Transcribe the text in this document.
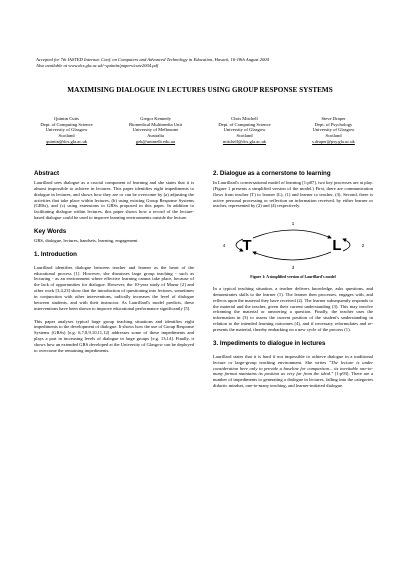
Accepted for 7th IASTED Internat. Conf. on Computers and Advanced Technology in Education, Hawaii, 16-18th August 2004

Also available at www.dcs.gla.ac.uk/~quintin/papers/cate2004.pdf

MAXIMISING DIALOGUE IN LECTURES USING GROUP RESPONSE SYSTEMS
Quintin Cutts
Dept. of Computing Science
University of Glasgow
Scotland
quintin@dcs.gla.ac.uk
Gregor Kennedy
Biomedical Multimedia Unit
University of Melbourne
Australia
gek@unimelb.edu.au
Chris Mitchell
Dept. of Computing Science
University of Glasgow
Scotland
mitchell@dcs.gla.ac.uk
Steve Draper
Dept. of Psychology
University of Glasgow
Scotland
s.draper@psy.gla.ac.uk
Abstract

Laurillard sees dialogue as a crucial component of learning and she states that it is almost impossible to achieve in lectures. This paper identifies eight impediments to dialogue in lectures, and shows how they are or can be overcome by (a) adjusting the activities that take place within lectures, (b) using existing Group Response Systems (GRSs), and (c) using extensions to GRSs proposed in this paper. In addition to facilitating dialogue within lectures, this paper shows how a record of the lecture-based dialogue could be used to improve learning environments outside the lecture.

Key Words

GRS, dialogue, lectures, handsets, learning, engagement

1. Introduction

Laurillard identifies dialogue between teacher and learner as the heart of the educational process [1]. However, she dismisses large group teaching - such as lecturing - as an environment where effective learning cannot take place, because of the lack of opportunities for dialogue. However, the 10-year study of Mazur [2] and other work [3,4,23] show that the introduction of questioning into lectures, sometimes in conjunction with other interventions, radically increases the level of dialogue between students, and with their instructor. As Laurillard's model predicts, these interventions have been shown to improve educational performance significantly [5].

This paper analyses typical large group teaching situations and identifies eight impediments to the development of dialogue. It shows how the use of Group Response Systems (GRSs) [e.g. 6,7,8,9,10,11,12] addresses some of these impediments and plays a part in increasing levels of dialogue in large groups [e.g. 13,14]. Finally, it shows how an extended GRS developed at the University of Glasgow can be deployed to overcome the remaining impediments.

2. Dialogue as a cornerstone to learning

In Laurillard's conversational model of learning [1:p87], two key processes are at play. (Figure 1 presents a simplified version of the model.) First, there are communication flows from teacher (T) to learner (L), (1) and learner to teacher, (3). Second, there is active personal processing or reflection on information received, by either learner or teacher, represented by (2) and (4) respectively.

T	L
1
2
3
4
Figure 1: A simplified version of Laurillard's model

In a typical teaching situation, a teacher delivers knowledge, asks questions, and demonstrates skills to the learner (1). The learner then processes, engages with, and reflects upon the material they have received (2). The learner subsequently responds to the material and the teacher, given their current understanding (3). This may involve reframing the material or answering a question. Finally, the teacher uses the information in (3) to assess the current position of the student's understanding in relation to the intended learning outcomes (4), and if necessary reformulates and re-presents the material, thereby embarking on a new cycle of the process (1).

3. Impediments to dialogue in lectures

Laurillard states that it is hard if not impossible to achieve dialogue in a traditional lecture or large-group teaching environment. She writes "The lecture is under consideration here only to provide a baseline for comparison... its inevitable one-to-many format maintains its position as very far from the ideal." [1:p93]. There are a number of impediments to generating a dialogue in lectures, falling into the categories didactic mindset, one-to-many teaching, and learner-initiated dialogue.
